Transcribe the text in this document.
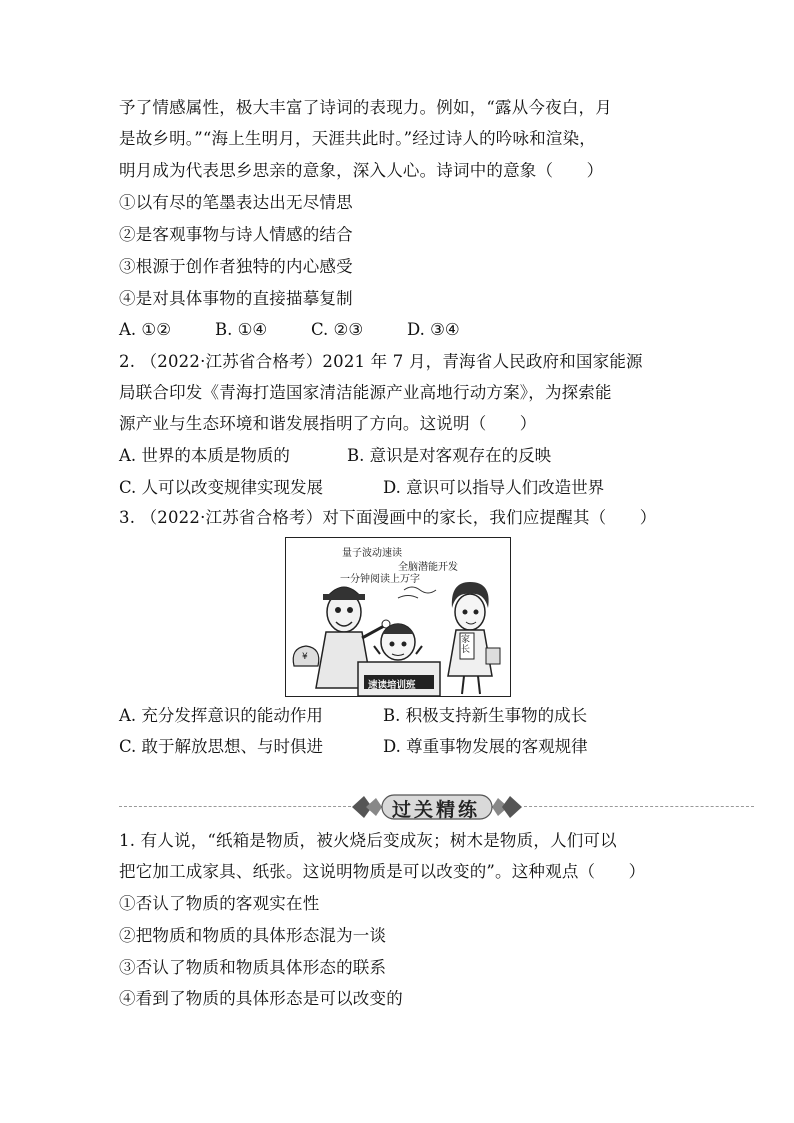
予了情感属性，极大丰富了诗词的表现力。例如，“露从今夜白，月
是故乡明。”“海上生明月，天涯共此时。”经过诗人的吟咏和渲染，
明月成为代表思乡思亲的意象，深入人心。诗词中的意象（　　）
①以有尽的笔墨表达出无尽情思
②是客观事物与诗人情感的结合
③根源于创作者独特的内心感受
④是对具体事物的直接描摹复制
A. ①②	B. ①④	C. ②③	D. ③④
2. （2022·江苏省合格考）2021 年 7 月，青海省人民政府和国家能源
局联合印发《青海打造国家清洁能源产业高地行动方案》，为探索能
源产业与生态环境和谐发展指明了方向。这说明（　　）
A. 世界的本质是物质的	B. 意识是对客观存在的反映
C. 人可以改变规律实现发展	D. 意识可以指导人们改造世界
3. （2022·江苏省合格考）对下面漫画中的家长，我们应提醒其（　　）
量子波动速读
全脑潜能开发
一分钟阅读上万字
速读培训班
家长
¥
A. 充分发挥意识的能动作用	B. 积极支持新生事物的成长
C. 敢于解放思想、与时俱进	D. 尊重事物发展的客观规律
过关精练
1. 有人说，“纸箱是物质，被火烧后变成灰；树木是物质，人们可以
把它加工成家具、纸张。这说明物质是可以改变的”。这种观点（　　）
①否认了物质的客观实在性
②把物质和物质的具体形态混为一谈
③否认了物质和物质具体形态的联系
④看到了物质的具体形态是可以改变的
